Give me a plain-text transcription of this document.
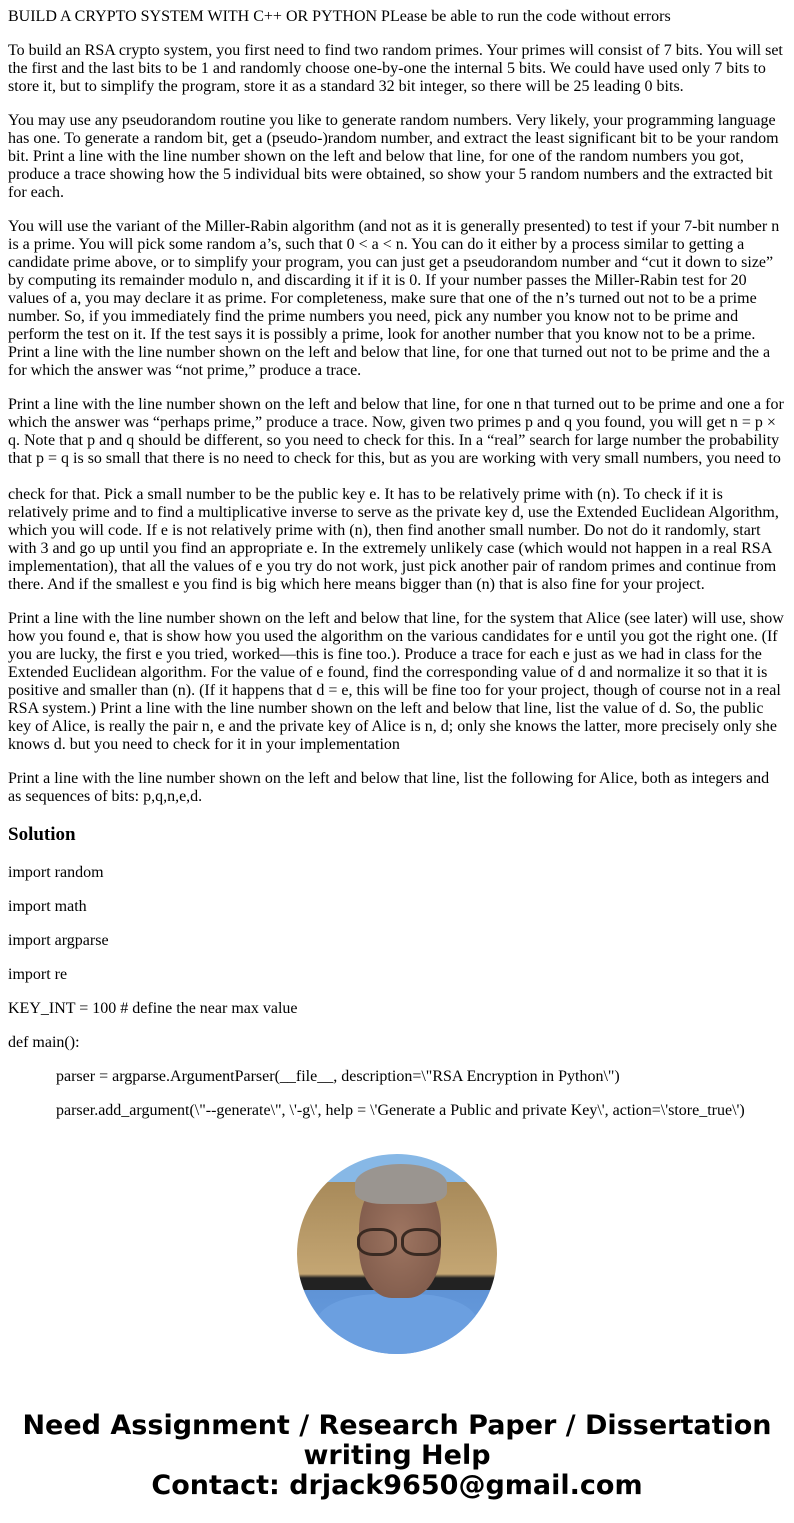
BUILD A CRYPTO SYSTEM WITH C++ OR PYTHON PLease be able to run the code without errors

To build an RSA crypto system, you first need to find two random primes. Your primes will consist of 7 bits. You will set the first and the last bits to be 1 and randomly choose one-by-one the internal 5 bits. We could have used only 7 bits to store it, but to simplify the program, store it as a standard 32 bit integer, so there will be 25 leading 0 bits.

You may use any pseudorandom routine you like to generate random numbers. Very likely, your programming language has one. To generate a random bit, get a (pseudo-)random number, and extract the least significant bit to be your random bit. Print a line with the line number shown on the left and below that line, for one of the random numbers you got, produce a trace showing how the 5 individual bits were obtained, so show your 5 random numbers and the extracted bit for each.

You will use the variant of the Miller-Rabin algorithm (and not as it is generally presented) to test if your 7-bit number n is a prime. You will pick some random a’s, such that 0 < a < n. You can do it either by a process similar to getting a candidate prime above, or to simplify your program, you can just get a pseudorandom number and “cut it down to size” by computing its remainder modulo n, and discarding it if it is 0. If your number passes the Miller-Rabin test for 20 values of a, you may declare it as prime. For completeness, make sure that one of the n’s turned out not to be a prime number. So, if you immediately find the prime numbers you need, pick any number you know not to be prime and perform the test on it. If the test says it is possibly a prime, look for another number that you know not to be a prime. Print a line with the line number shown on the left and below that line, for one that turned out not to be prime and the a for which the answer was “not prime,” produce a trace.

Print a line with the line number shown on the left and below that line, for one n that turned out to be prime and one a for which the answer was “perhaps prime,” produce a trace. Now, given two primes p and q you found, you will get n = p × q. Note that p and q should be different, so you need to check for this. In a “real” search for large number the probability that p = q is so small that there is no need to check for this, but as you are working with very small numbers, you need to

check for that. Pick a small number to be the public key e. It has to be relatively prime with (n). To check if it is relatively prime and to find a multiplicative inverse to serve as the private key d, use the Extended Euclidean Algorithm, which you will code. If e is not relatively prime with (n), then find another small number. Do not do it randomly, start with 3 and go up until you find an appropriate e. In the extremely unlikely case (which would not happen in a real RSA implementation), that all the values of e you try do not work, just pick another pair of random primes and continue from there. And if the smallest e you find is big which here means bigger than (n) that is also fine for your project.

Print a line with the line number shown on the left and below that line, for the system that Alice (see later) will use, show how you found e, that is show how you used the algorithm on the various candidates for e until you got the right one. (If you are lucky, the first e you tried, worked—this is fine too.). Produce a trace for each e just as we had in class for the Extended Euclidean algorithm. For the value of e found, find the corresponding value of d and normalize it so that it is positive and smaller than (n). (If it happens that d = e, this will be fine too for your project, though of course not in a real RSA system.) Print a line with the line number shown on the left and below that line, list the value of d. So, the public key of Alice, is really the pair n, e and the private key of Alice is n, d; only she knows the latter, more precisely only she knows d. but you need to check for it in your implementation

Print a line with the line number shown on the left and below that line, list the following for Alice, both as integers and as sequences of bits: p,q,n,e,d.

Solution

import random

import math

import argparse

import re

KEY_INT = 100 # define the near max value

def main():

parser = argparse.ArgumentParser(__file__, description=\"RSA Encryption in Python\")

parser.add_argument(\"--generate\", \'-g\', help = \'Generate a Public and private Key\', action=\'store_true\')

Need Assignment / Research Paper / Dissertation writing Help
Contact: drjack9650@gmail.com
